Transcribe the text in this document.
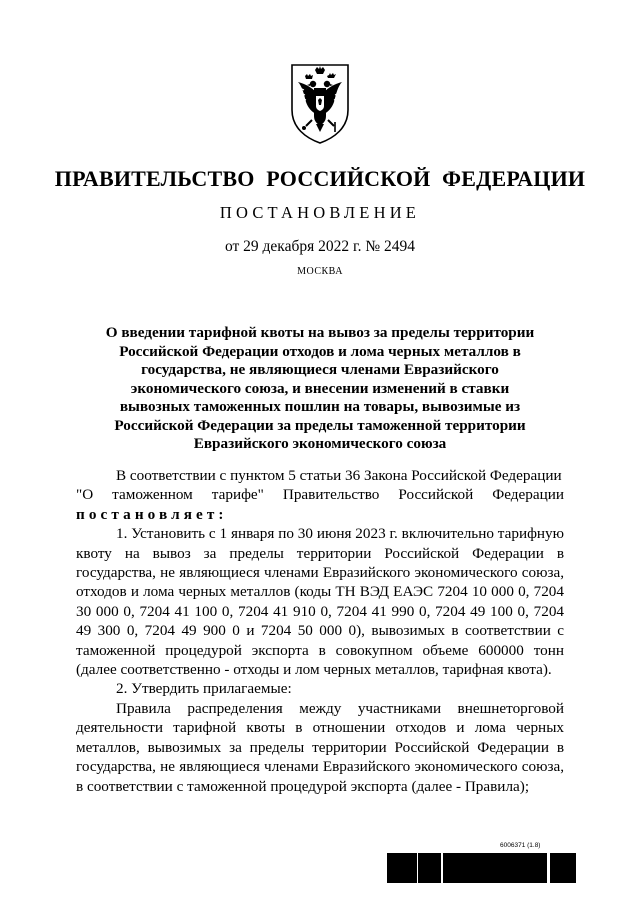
ПРАВИТЕЛЬСТВО РОССИЙСКОЙ ФЕДЕРАЦИИ
ПОСТАНОВЛЕНИЕ
от 29 декабря 2022 г. № 2494
МОСКВА
О введении тарифной квоты на вывоз за пределы территории Российской Федерации отходов и лома черных металлов в государства, не являющиеся членами Евразийского экономического союза, и внесении изменений в ставки вывозных таможенных пошлин на товары, вывозимые из Российской Федерации за пределы таможенной территории Евразийского экономического союза

В соответствии с пунктом 5 статьи 36 Закона Российской Федерации

"О таможенном тарифе" Правительство Российской Федерации

постановляет:

1. Установить с 1 января по 30 июня 2023 г. включительно тарифную квоту на вывоз за пределы территории Российской Федерации в государства, не являющиеся членами Евразийского экономического союза, отходов и лома черных металлов (коды ТН ВЭД ЕАЭС 7204 10 000 0, 7204 30 000 0, 7204 41 100 0, 7204 41 910 0, 7204 41 990 0, 7204 49 100 0, 7204 49 300 0, 7204 49 900 0 и 7204 50 000 0), вывозимых в соответствии с таможенной процедурой экспорта в совокупном объеме 600000 тонн (далее соответственно - отходы и лом черных металлов, тарифная квота).

2. Утвердить прилагаемые:

Правила распределения между участниками внешнеторговой деятельности тарифной квоты в отношении отходов и лома черных металлов, вывозимых за пределы территории Российской Федерации в государства, не являющиеся членами Евразийского экономического союза, в соответствии с таможенной процедурой экспорта (далее - Правила);

6006371 (1.8)
